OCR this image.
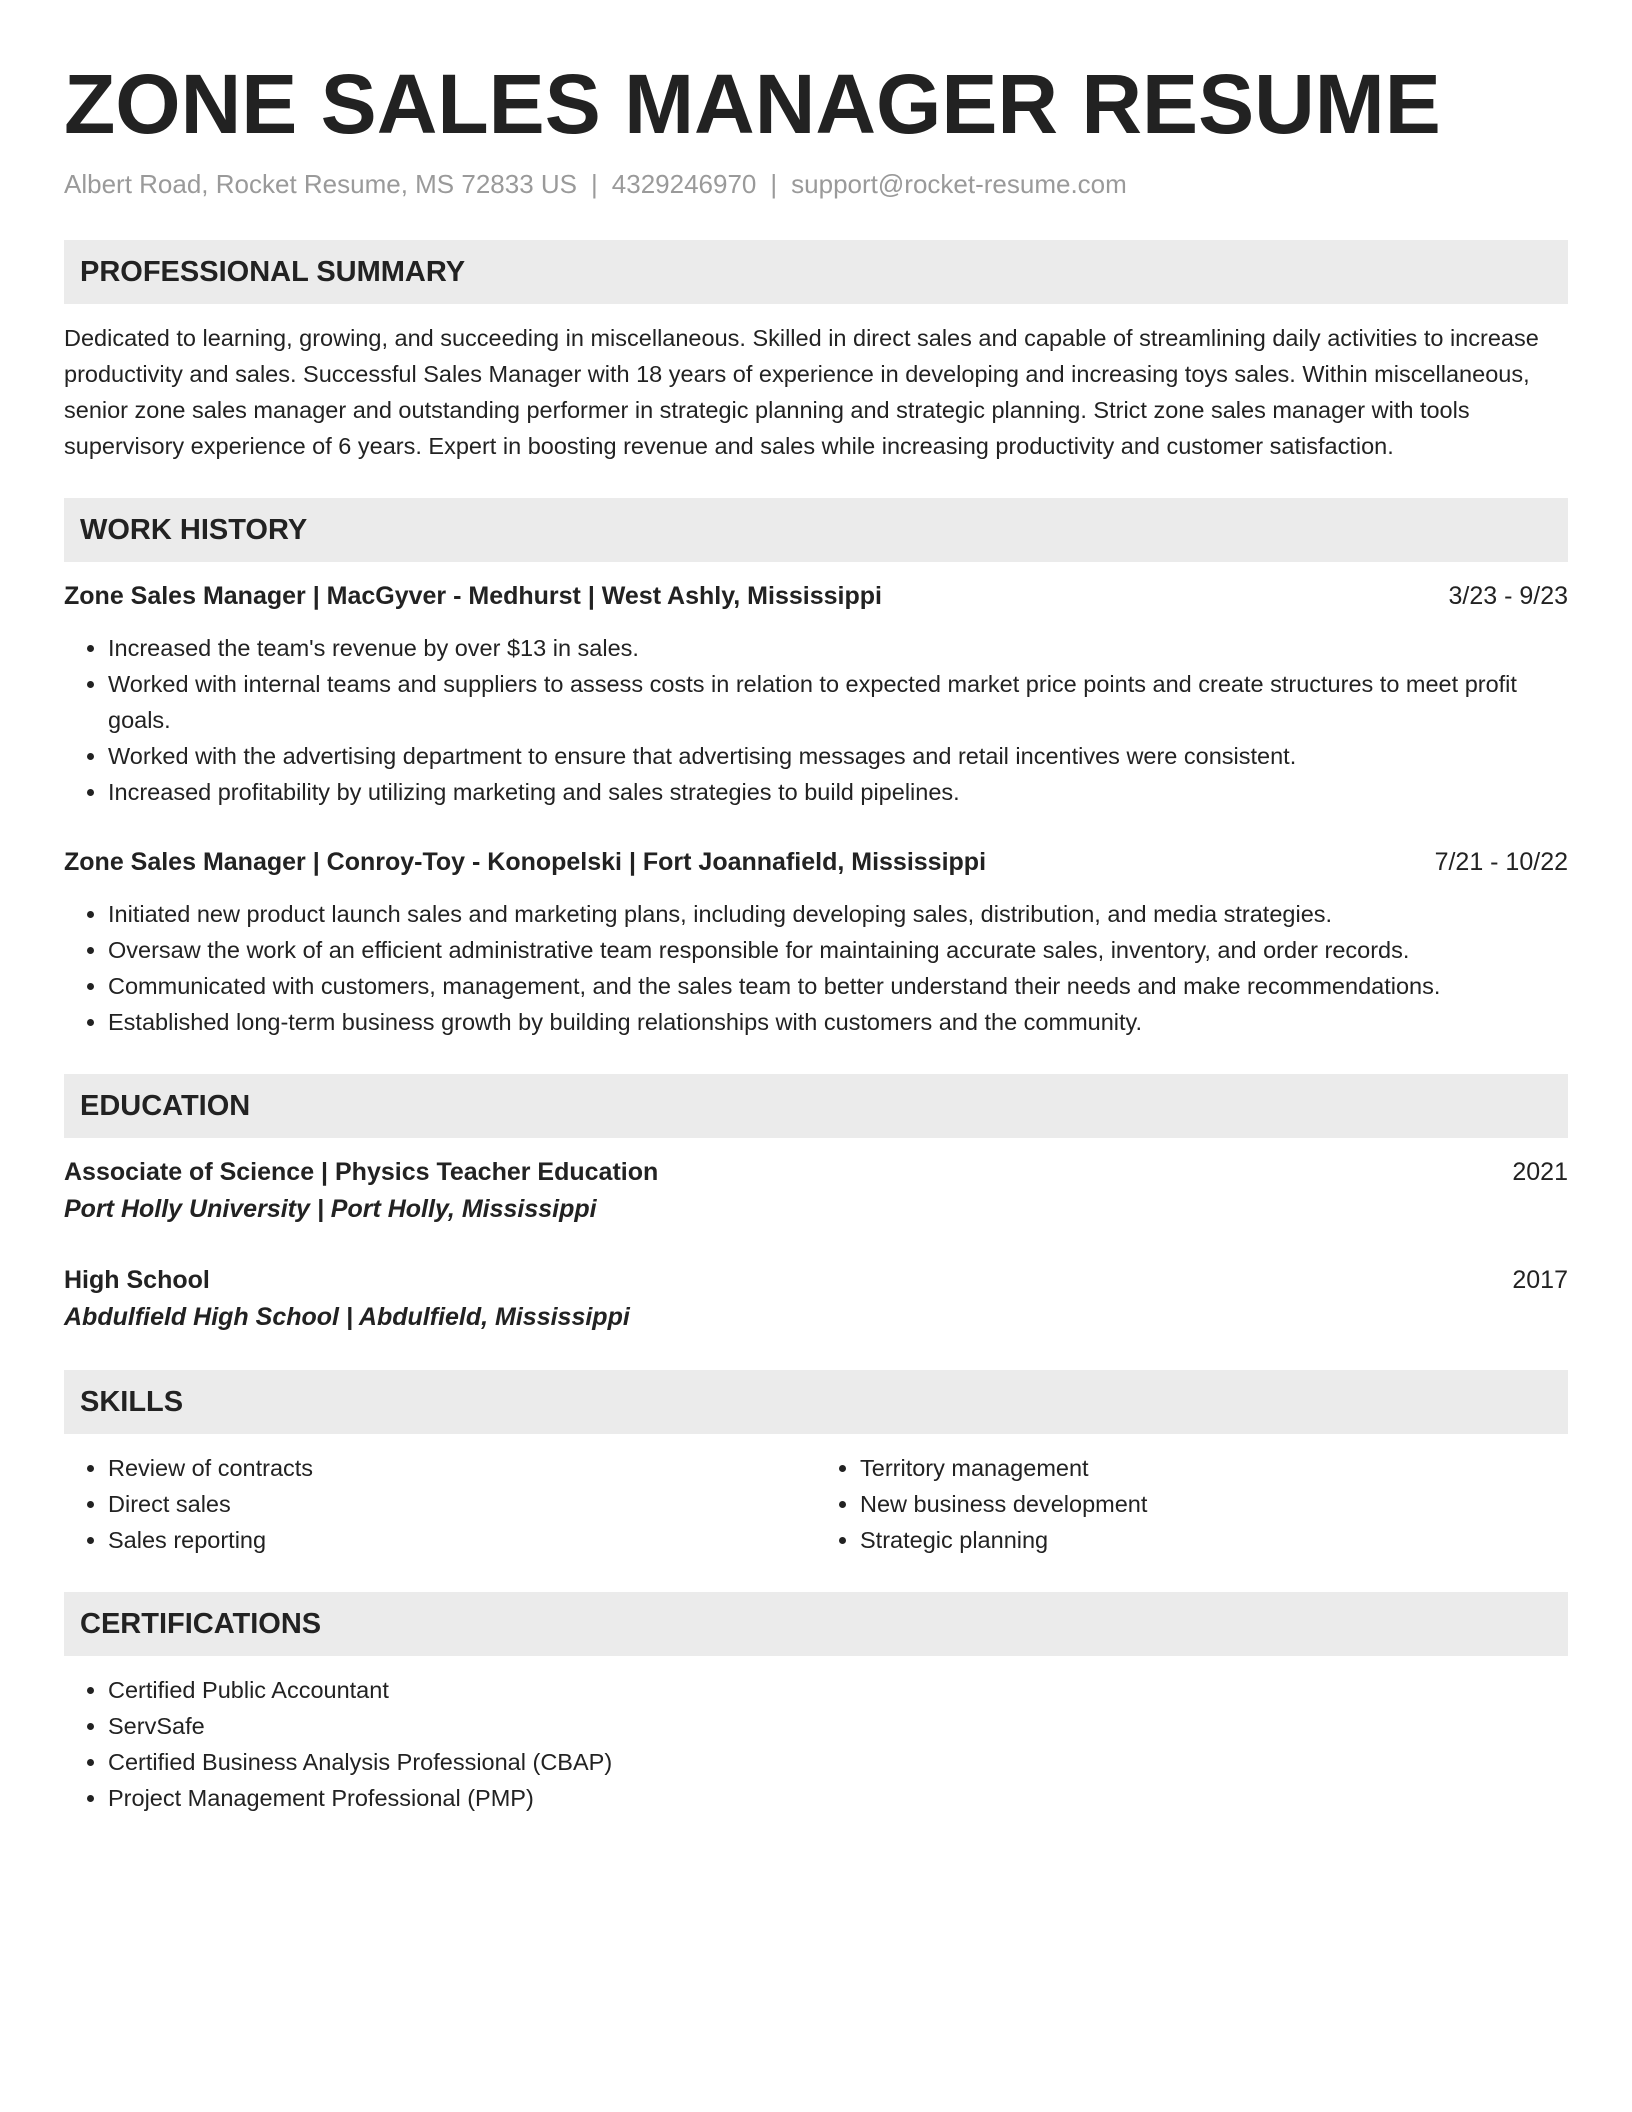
ZONE SALES MANAGER RESUME
Albert Road, Rocket Resume, MS 72833 US | 4329246970 | support@rocket-resume.com
PROFESSIONAL SUMMARY
Dedicated to learning, growing, and succeeding in miscellaneous. Skilled in direct sales and capable of streamlining daily activities to increase productivity and sales. Successful Sales Manager with 18 years of experience in developing and increasing toys sales. Within miscellaneous, senior zone sales manager and outstanding performer in strategic planning and strategic planning. Strict zone sales manager with tools supervisory experience of 6 years. Expert in boosting revenue and sales while increasing productivity and customer satisfaction.
WORK HISTORY
Zone Sales Manager | MacGyver - Medhurst | West Ashly, Mississippi	3/23 - 9/23
• Increased the team's revenue by over $13 in sales.
• Worked with internal teams and suppliers to assess costs in relation to expected market price points and create structures to meet profit goals.
• Worked with the advertising department to ensure that advertising messages and retail incentives were consistent.
• Increased profitability by utilizing marketing and sales strategies to build pipelines.
Zone Sales Manager | Conroy-Toy - Konopelski | Fort Joannafield, Mississippi	7/21 - 10/22
• Initiated new product launch sales and marketing plans, including developing sales, distribution, and media strategies.
• Oversaw the work of an efficient administrative team responsible for maintaining accurate sales, inventory, and order records.
• Communicated with customers, management, and the sales team to better understand their needs and make recommendations.
• Established long-term business growth by building relationships with customers and the community.
EDUCATION
Associate of Science | Physics Teacher Education	2021
Port Holly University | Port Holly, Mississippi
High School	2017
Abdulfield High School | Abdulfield, Mississippi
SKILLS
• Review of contracts
• Direct sales
• Sales reporting
• Territory management
• New business development
• Strategic planning
CERTIFICATIONS
• Certified Public Accountant
• ServSafe
• Certified Business Analysis Professional (CBAP)
• Project Management Professional (PMP)
